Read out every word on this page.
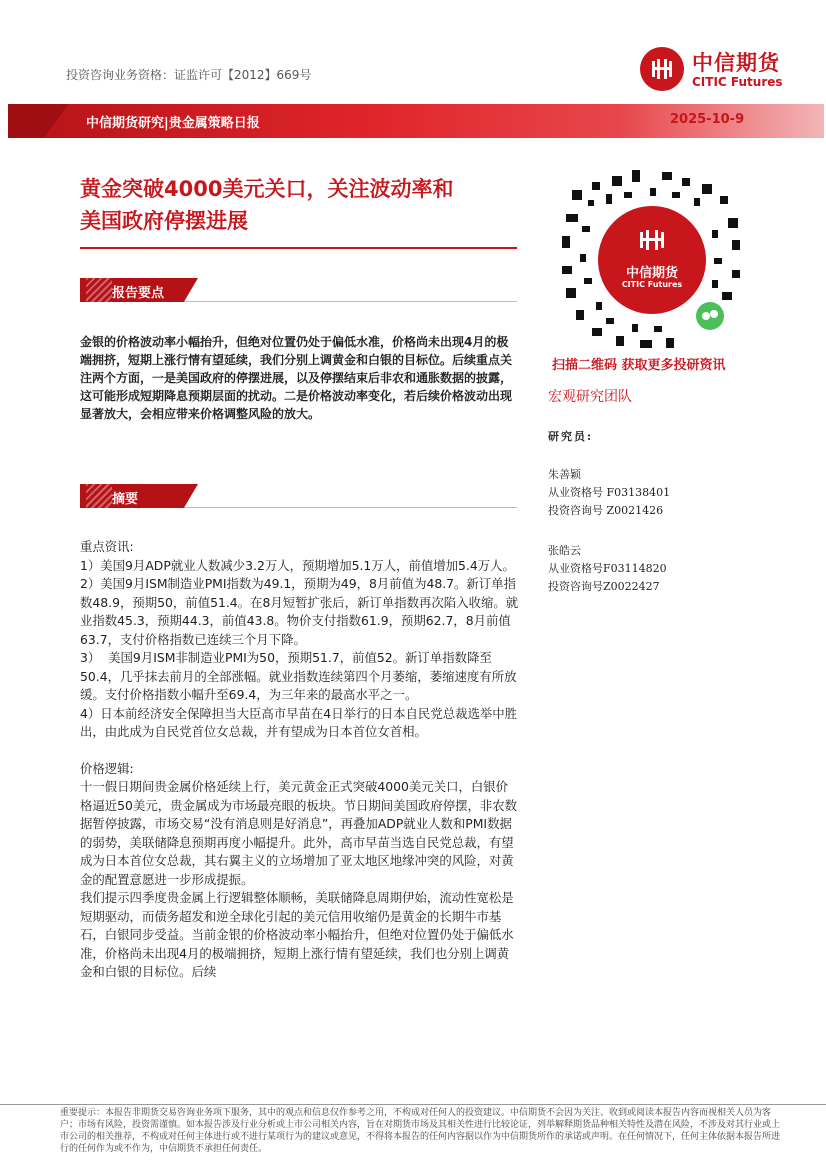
投资咨询业务资格：证监许可【2012】669号	中信期货
CITIC Futures
中信期货研究|贵金属策略日报	2025-10-9
黄金突破4000美元关口，关注波动率和
美国政府停摆进展
报告要点
金银的价格波动率小幅抬升，但绝对位置仍处于偏低水准，价格尚未出现4月的极端拥挤，短期上涨行情有望延续，我们分别上调黄金和白银的目标位。后续重点关注两个方面，一是美国政府的停摆进展，以及停摆结束后非农和通胀数据的披露，这可能形成短期降息预期层面的扰动。二是价格波动率变化，若后续价格波动出现显著放大，会相应带来价格调整风险的放大。
摘要
重点资讯:
1）美国9月ADP就业人数减少3.2万人，预期增加5.1万人，前值增加5.4万人。
2）美国9月ISM制造业PMI指数为49.1，预期为49，8月前值为48.7。新订单指数48.9，预期50，前值51.4。在8月短暂扩张后，新订单指数再次陷入收缩。就业指数45.3，预期44.3，前值43.8。物价支付指数61.9，预期62.7，8月前值63.7，支付价格指数已连续三个月下降。
3）  美国9月ISM非制造业PMI为50，预期51.7，前值52。新订单指数降至50.4，几乎抹去前月的全部涨幅。就业指数连续第四个月萎缩，萎缩速度有所放缓。支付价格指数小幅升至69.4，为三年来的最高水平之一。
4）日本前经济安全保障担当大臣高市早苗在4日举行的日本自民党总裁选举中胜出，由此成为自民党首位女总裁，并有望成为日本首位女首相。
价格逻辑:
十一假日期间贵金属价格延续上行，美元黄金正式突破4000美元关口，白银价格逼近50美元，贵金属成为市场最亮眼的板块。节日期间美国政府停摆，非农数据暂停披露，市场交易“没有消息则是好消息”，再叠加ADP就业人数和PMI数据的弱势，美联储降息预期再度小幅提升。此外，高市早苗当选自民党总裁，有望成为日本首位女总裁，其右翼主义的立场增加了亚太地区地缘冲突的风险，对黄金的配置意愿进一步形成提振。
我们提示四季度贵金属上行逻辑整体顺畅，美联储降息周期伊始，流动性宽松是短期驱动，而债务超发和逆全球化引起的美元信用收缩仍是黄金的长期牛市基石，白银同步受益。当前金银的价格波动率小幅抬升，但绝对位置仍处于偏低水准，价格尚未出现4月的极端拥挤，短期上涨行情有望延续，我们也分别上调黄金和白银的目标位。后续
中信期货
CITIC Futures
扫描二维码 获取更多投研资讯
宏观研究团队
研究员:
朱善颖
从业资格号 F03138401
投资咨询号 Z0021426
张皓云
从业资格号F03114820
投资咨询号Z0022427
重要提示：本报告非期货交易咨询业务项下服务，其中的观点和信息仅作参考之用，不构成对任何人的投资建议。中信期货不会因为关注、收到或阅读本报告内容而视相关人员为客户；市场有风险，投资需谨慎。如本报告涉及行业分析或上市公司相关内容，旨在对期货市场及其相关性进行比较论证，列举解释期货品种相关特性及潜在风险，不涉及对其行业或上市公司的相关推荐，不构成对任何主体进行或不进行某项行为的建议或意见，不得将本报告的任何内容据以作为中信期货所作的承诺或声明。在任何情况下，任何主体依据本报告所进行的任何作为或不作为，中信期货不承担任何责任。
